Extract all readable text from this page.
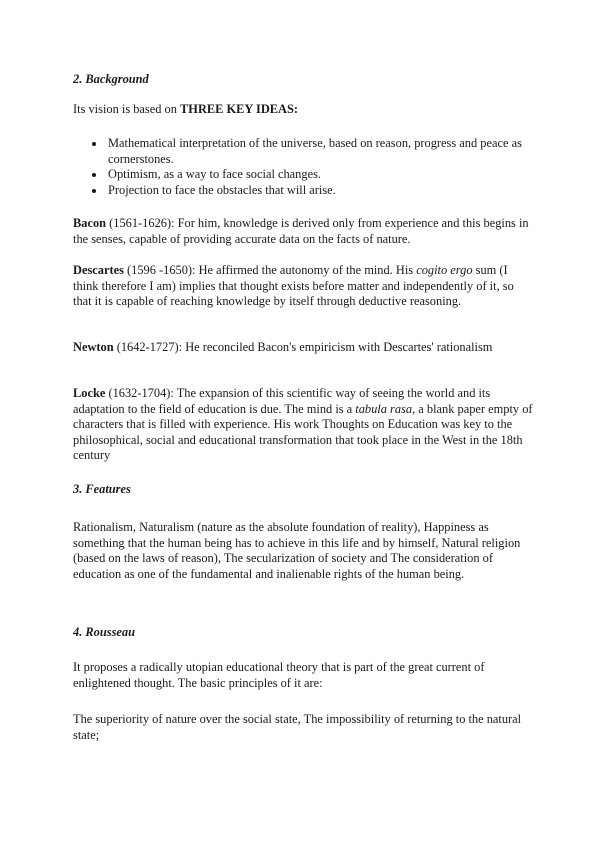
2. Background

Its vision is based on THREE KEY IDEAS:

Mathematical interpretation of the universe, based on reason, progress and peace as cornerstones.
Optimism, as a way to face social changes.
Projection to face the obstacles that will arise.

Bacon (1561-1626): For him, knowledge is derived only from experience and this begins in the senses, capable of providing accurate data on the facts of nature.

Descartes (1596 -1650): He affirmed the autonomy of the mind. His cogito ergo sum (I think therefore I am) implies that thought exists before matter and independently of it, so that it is capable of reaching knowledge by itself through deductive reasoning.

Newton (1642-1727): He reconciled Bacon's empiricism with Descartes' rationalism

Locke (1632-1704): The expansion of this scientific way of seeing the world and its adaptation to the field of education is due. The mind is a tabula rasa, a blank paper empty of characters that is filled with experience. His work Thoughts on Education was key to the philosophical, social and educational transformation that took place in the West in the 18th century

3. Features

Rationalism, Naturalism (nature as the absolute foundation of reality), Happiness as something that the human being has to achieve in this life and by himself, Natural religion (based on the laws of reason), The secularization of society and The consideration of education as one of the fundamental and inalienable rights of the human being.

4. Rousseau

It proposes a radically utopian educational theory that is part of the great current of enlightened thought. The basic principles of it are:

The superiority of nature over the social state, The impossibility of returning to the natural state;
